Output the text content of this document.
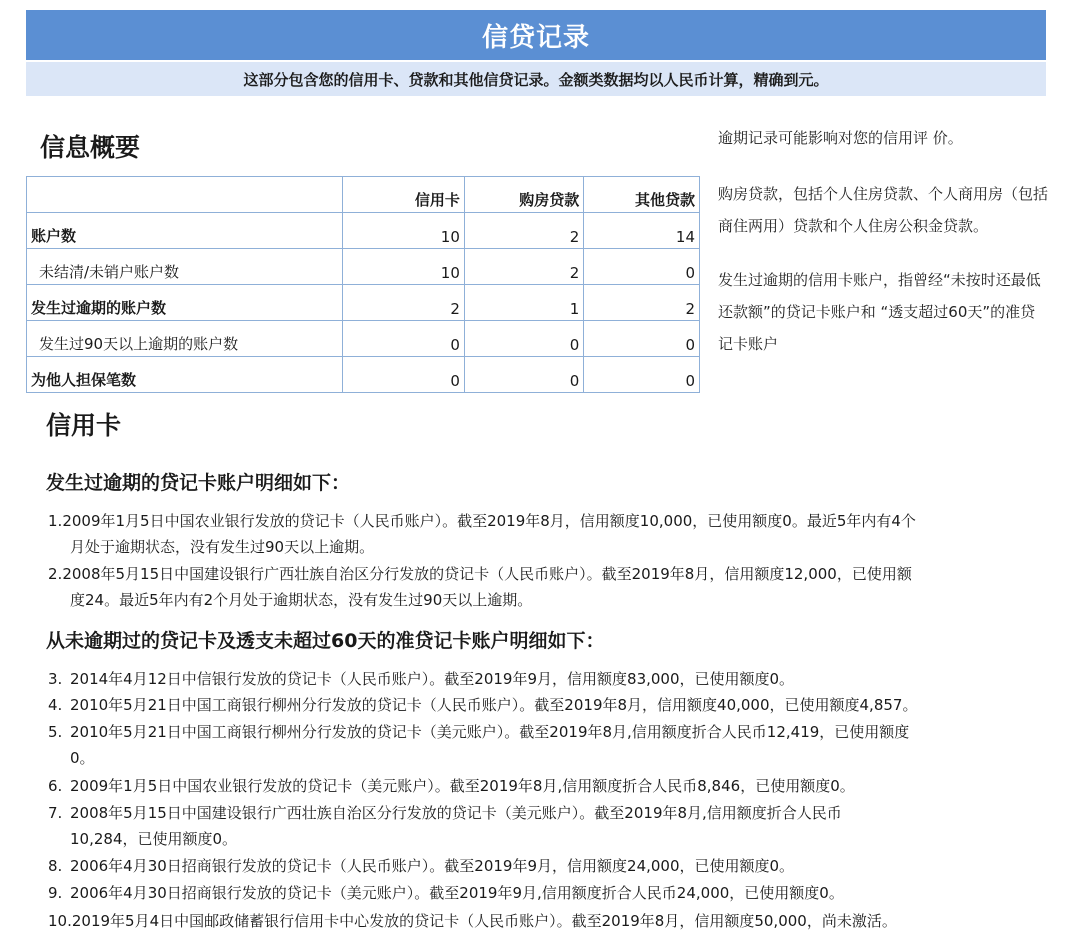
信贷记录
这部分包含您的信用卡、贷款和其他信贷记录。金额类数据均以人民币计算，精确到元。
信息概要
	信用卡	购房贷款	其他贷款
账户数	10	2	14
未结清/未销户账户数	10	2	0
发生过逾期的账户数	2	1	2
发生过90天以上逾期的账户数	0	0	0
为他人担保笔数	0	0	0

逾期记录可能影响对您的信用评 价。

购房贷款，包括个人住房贷款、个人商用房（包括商住两用）贷款和个人住房公积金贷款。

发生过逾期的信用卡账户，指曾经“未按时还最低还款额”的贷记卡账户和 “透支超过60天”的准贷记卡账户

信用卡
发生过逾期的贷记卡账户明细如下：
1.2009年1月5日中国农业银行发放的贷记卡（人民币账户）。截至2019年8月，信用额度10,000，已使用额度0。最近5年内有4个
月处于逾期状态，没有发生过90天以上逾期。
2.2008年5月15日中国建设银行广西壮族自治区分行发放的贷记卡（人民币账户）。截至2019年8月，信用额度12,000，已使用额
度24。最近5年内有2个月处于逾期状态，没有发生过90天以上逾期。
从未逾期过的贷记卡及透支未超过60天的准贷记卡账户明细如下：
3. 2014年4月12日中信银行发放的贷记卡（人民币账户）。截至2019年9月，信用额度83,000，已使用额度0。
4. 2010年5月21日中国工商银行柳州分行发放的贷记卡（人民币账户）。截至2019年8月，信用额度40,000，已使用额度4,857。
5. 2010年5月21日中国工商银行柳州分行发放的贷记卡（美元账户）。截至2019年8月,信用额度折合人民币12,419，已使用额度
0。
6. 2009年1月5日中国农业银行发放的贷记卡（美元账户）。截至2019年8月,信用额度折合人民币8,846，已使用额度0。
7. 2008年5月15日中国建设银行广西壮族自治区分行发放的贷记卡（美元账户）。截至2019年8月,信用额度折合人民币
10,284，已使用额度0。
8. 2006年4月30日招商银行发放的贷记卡（人民币账户）。截至2019年9月，信用额度24,000，已使用额度0。
9. 2006年4月30日招商银行发放的贷记卡（美元账户）。截至2019年9月,信用额度折合人民币24,000，已使用额度0。
10.2019年5月4日中国邮政储蓄银行信用卡中心发放的贷记卡（人民币账户）。截至2019年8月，信用额度50,000，尚未激活。
